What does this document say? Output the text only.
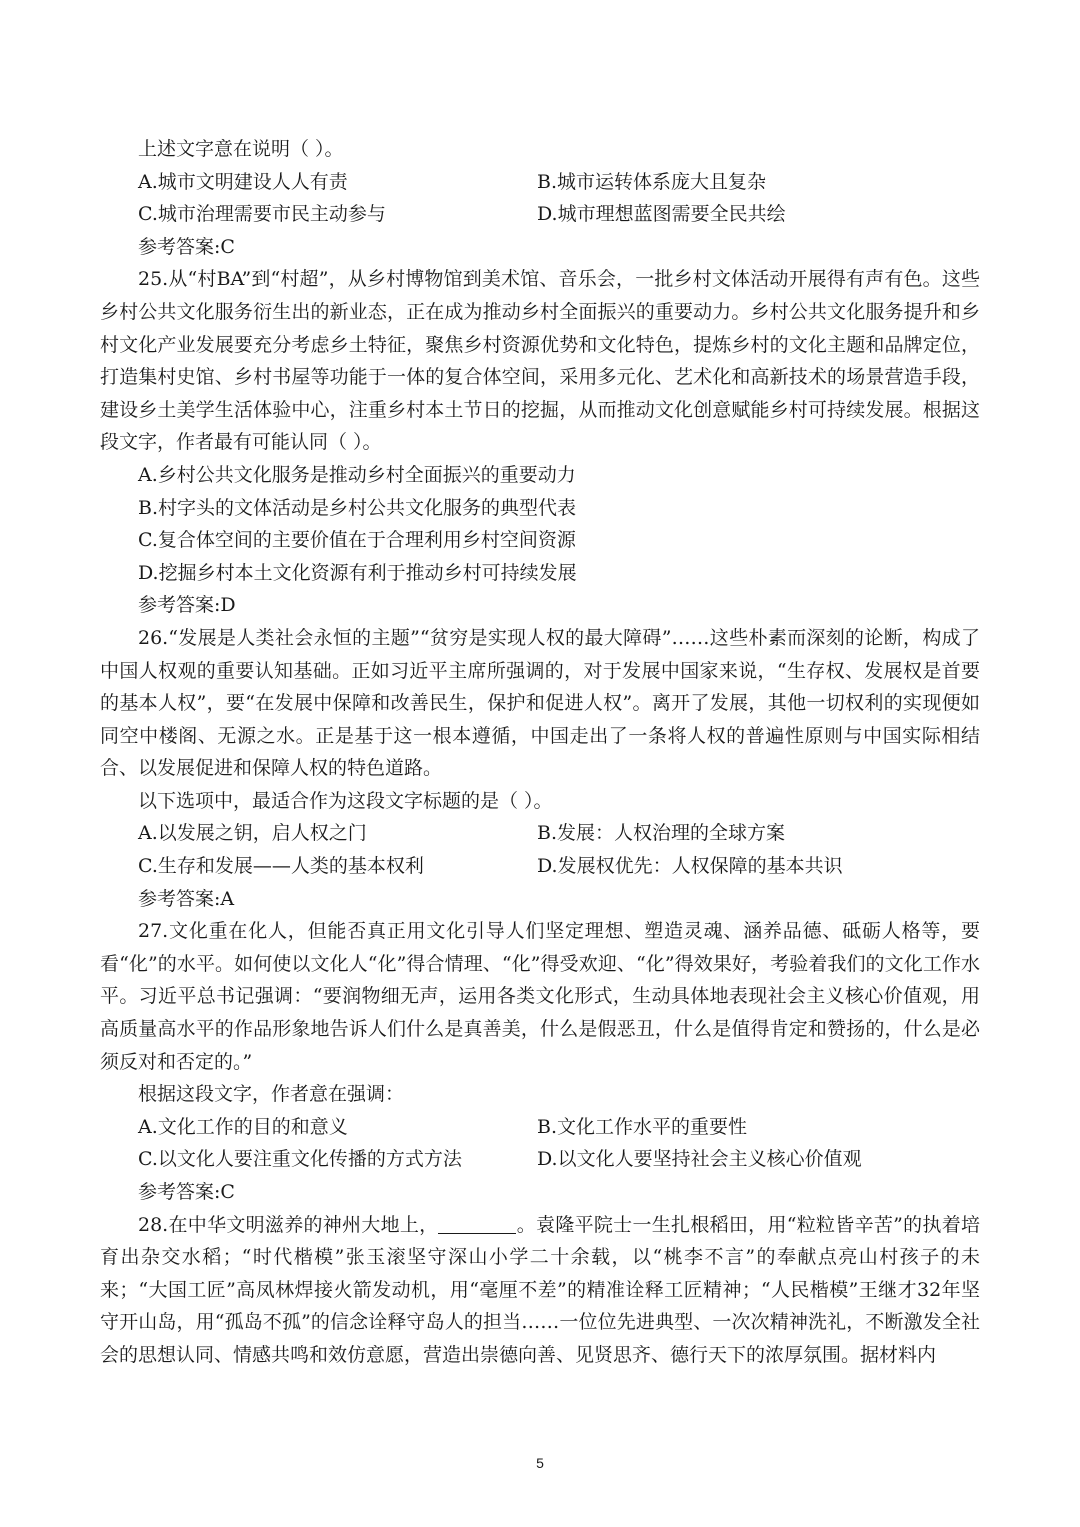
上述文字意在说明（ ）。
A.城市文明建设人人有责	B.城市运转体系庞大且复杂
C.城市治理需要市民主动参与	D.城市理想蓝图需要全民共绘
参考答案:C

25.从“村BA”到“村超”，从乡村博物馆到美术馆、音乐会，一批乡村文体活动开展得有声有色。这些乡村公共文化服务衍生出的新业态，正在成为推动乡村全面振兴的重要动力。乡村公共文化服务提升和乡村文化产业发展要充分考虑乡土特征，聚焦乡村资源优势和文化特色，提炼乡村的文化主题和品牌定位，打造集村史馆、乡村书屋等功能于一体的复合体空间，采用多元化、艺术化和高新技术的场景营造手段，建设乡土美学生活体验中心，注重乡村本土节日的挖掘，从而推动文化创意赋能乡村可持续发展。根据这段文字，作者最有可能认同（ ）。

A.乡村公共文化服务是推动乡村全面振兴的重要动力
B.村字头的文体活动是乡村公共文化服务的典型代表
C.复合体空间的主要价值在于合理利用乡村空间资源
D.挖掘乡村本土文化资源有利于推动乡村可持续发展
参考答案:D

26.“发展是人类社会永恒的主题”“贫穷是实现人权的最大障碍”……这些朴素而深刻的论断，构成了中国人权观的重要认知基础。正如习近平主席所强调的，对于发展中国家来说，“生存权、发展权是首要的基本人权”，要“在发展中保障和改善民生，保护和促进人权”。离开了发展，其他一切权利的实现便如同空中楼阁、无源之水。正是基于这一根本遵循，中国走出了一条将人权的普遍性原则与中国实际相结合、以发展促进和保障人权的特色道路。

以下选项中，最适合作为这段文字标题的是（ ）。
A.以发展之钥，启人权之门	B.发展：人权治理的全球方案
C.生存和发展——人类的基本权利	D.发展权优先：人权保障的基本共识
参考答案:A

27.文化重在化人，但能否真正用文化引导人们坚定理想、塑造灵魂、涵养品德、砥砺人格等，要看“化”的水平。如何使以文化人“化”得合情理、“化”得受欢迎、“化”得效果好，考验着我们的文化工作水平。习近平总书记强调：“要润物细无声，运用各类文化形式，生动具体地表现社会主义核心价值观，用高质量高水平的作品形象地告诉人们什么是真善美，什么是假恶丑，什么是值得肯定和赞扬的，什么是必须反对和否定的。”

根据这段文字，作者意在强调：
A.文化工作的目的和意义	B.文化工作水平的重要性
C.以文化人要注重文化传播的方式方法	D.以文化人要坚持社会主义核心价值观
参考答案:C

28.在中华文明滋养的神州大地上，	。袁隆平院士一生扎根稻田，用“粒粒皆辛苦”的执着培育出杂交水稻；“时代楷模”张玉滚坚守深山小学二十余载，以“桃李不言”的奉献点亮山村孩子的未来；“大国工匠”高凤林焊接火箭发动机，用“毫厘不差”的精准诠释工匠精神；“人民楷模”王继才32年坚守开山岛，用“孤岛不孤”的信念诠释守岛人的担当……一位位先进典型、一次次精神洗礼，不断激发全社会的思想认同、情感共鸣和效仿意愿，营造出崇德向善、见贤思齐、德行天下的浓厚氛围。据材料内

5
